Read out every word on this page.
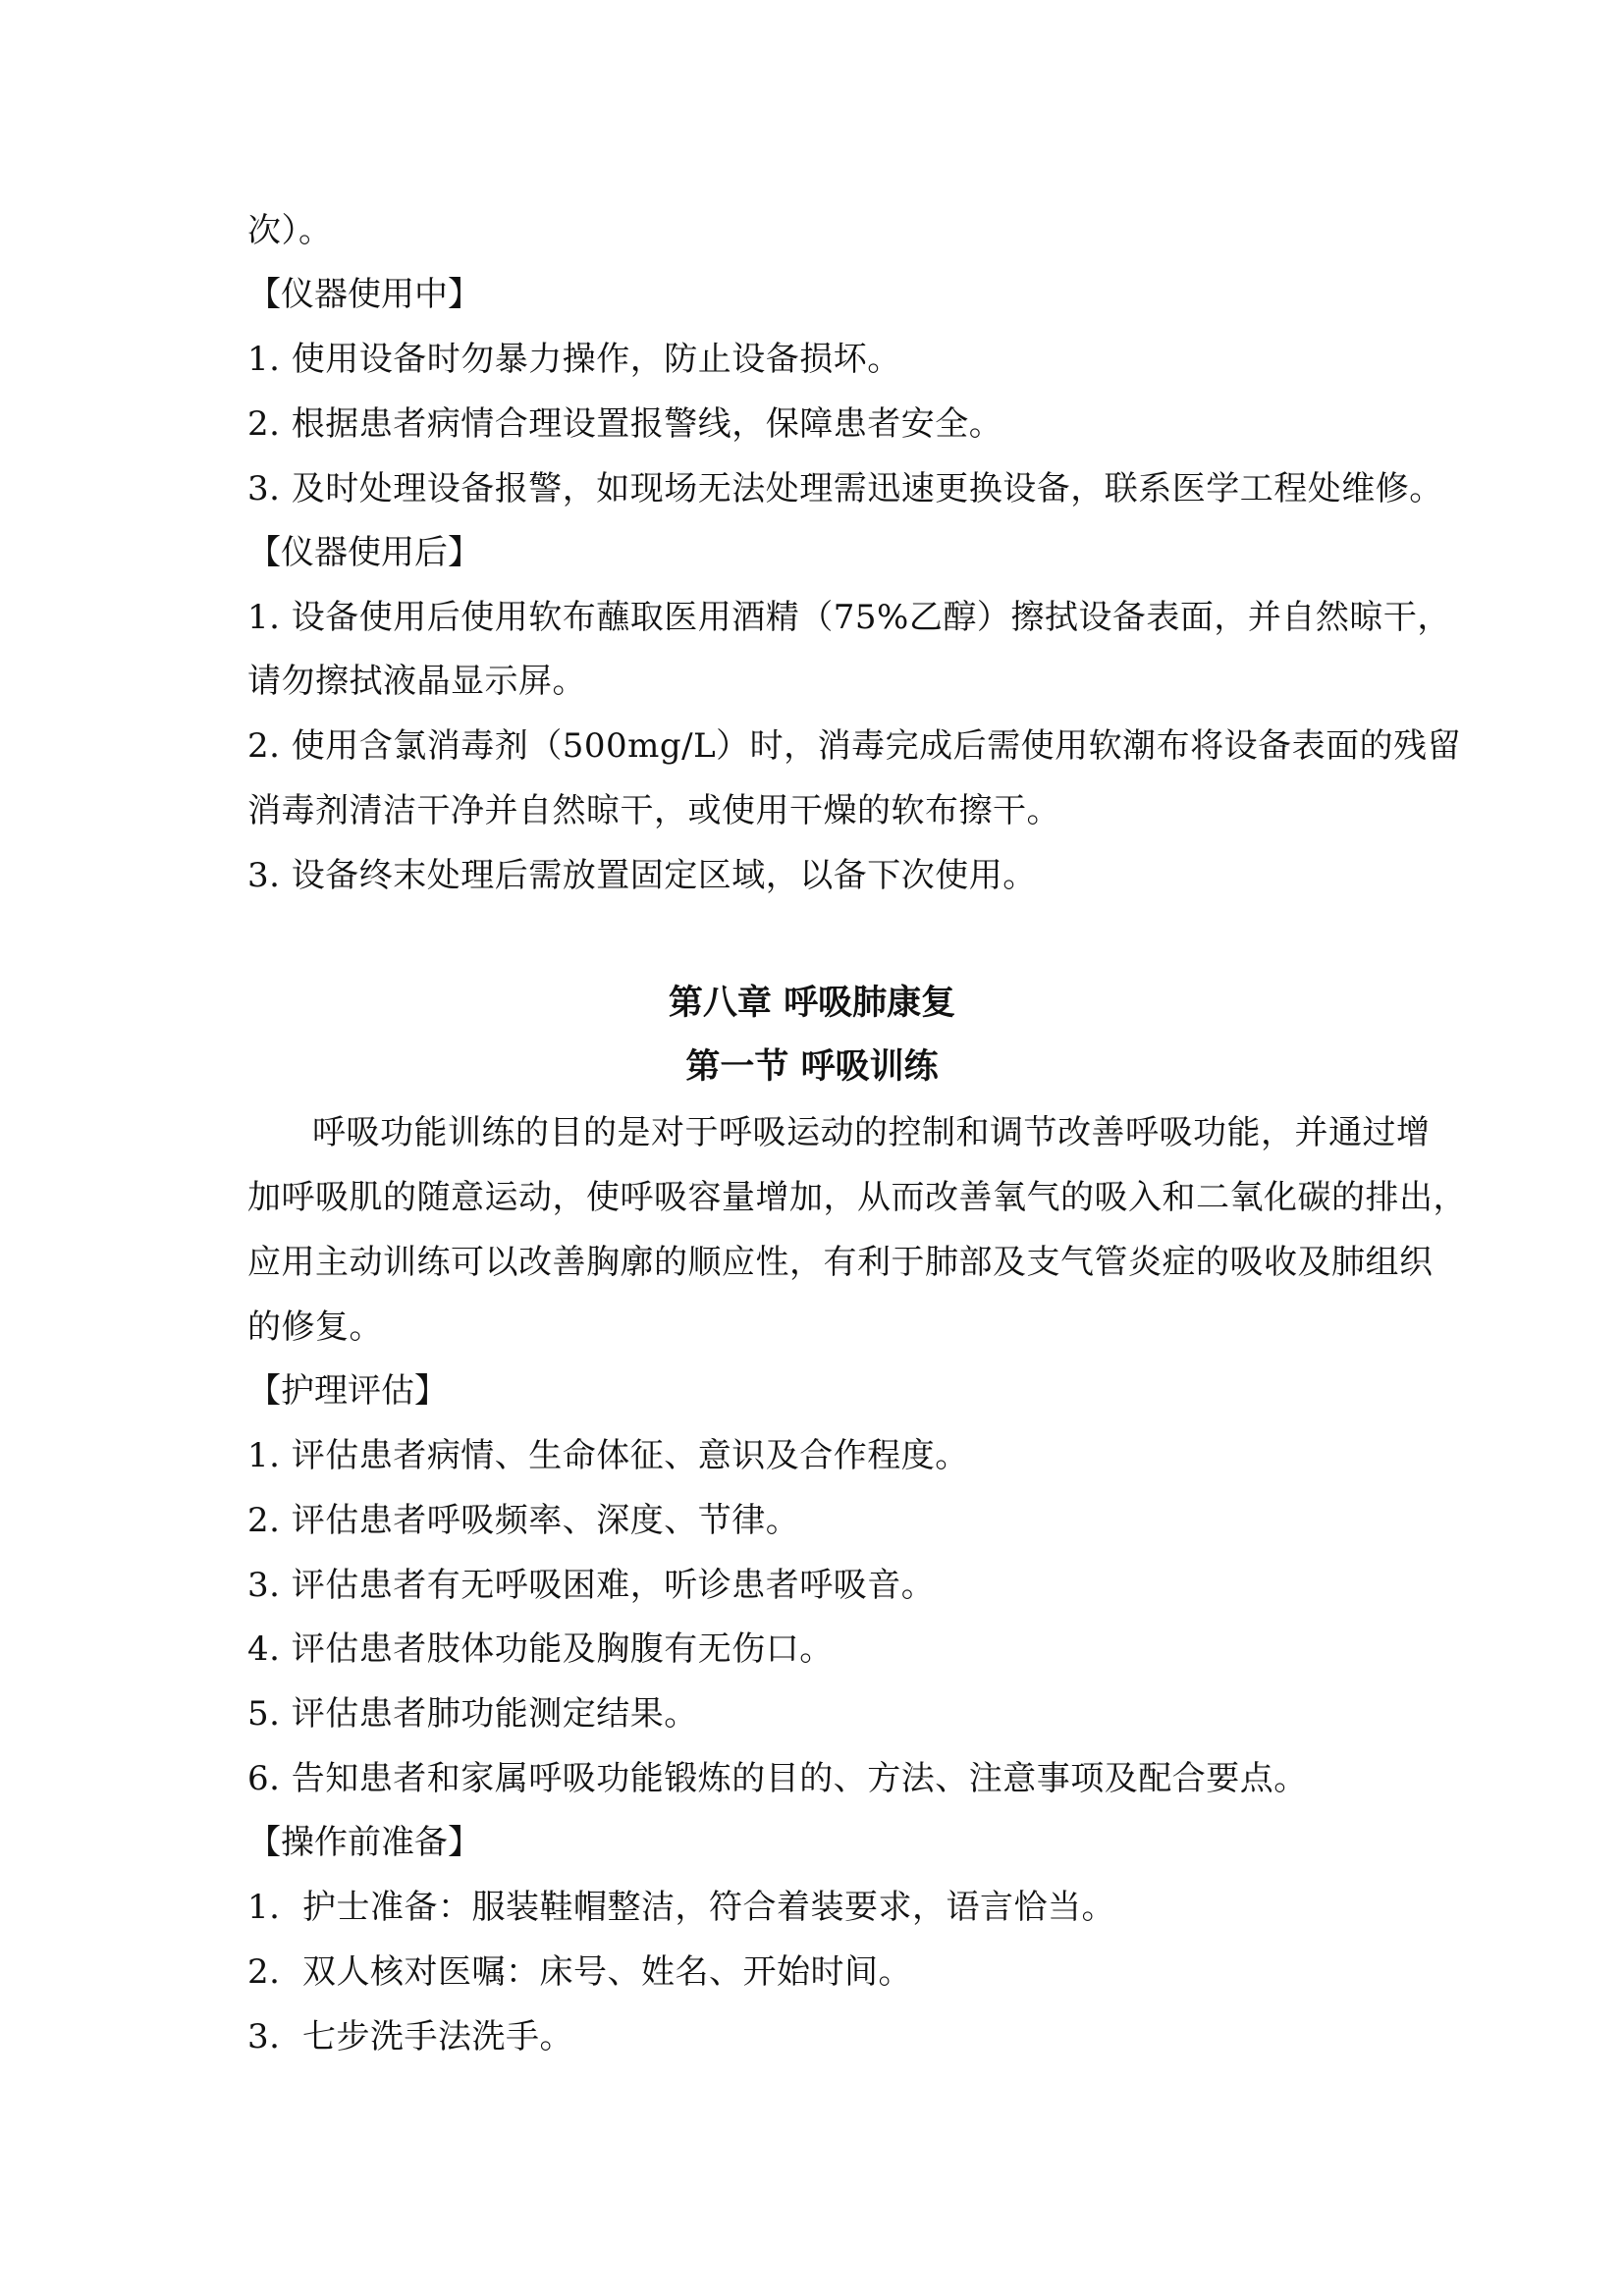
次）。
【仪器使用中】
1. 使用设备时勿暴力操作，防止设备损坏。
2. 根据患者病情合理设置报警线，保障患者安全。
3. 及时处理设备报警，如现场无法处理需迅速更换设备，联系医学工程处维修。
【仪器使用后】
1. 设备使用后使用软布蘸取医用酒精（75%乙醇）擦拭设备表面，并自然晾干，
请勿擦拭液晶显示屏。
2. 使用含氯消毒剂（500mg/L）时，消毒完成后需使用软潮布将设备表面的残留
消毒剂清洁干净并自然晾干，或使用干燥的软布擦干。
3. 设备终末处理后需放置固定区域，以备下次使用。
第八章 呼吸肺康复
第一节 呼吸训练
呼吸功能训练的目的是对于呼吸运动的控制和调节改善呼吸功能，并通过增
加呼吸肌的随意运动，使呼吸容量增加，从而改善氧气的吸入和二氧化碳的排出，
应用主动训练可以改善胸廓的顺应性，有利于肺部及支气管炎症的吸收及肺组织
的修复。
【护理评估】
1. 评估患者病情、生命体征、意识及合作程度。
2. 评估患者呼吸频率、深度、节律。
3. 评估患者有无呼吸困难，听诊患者呼吸音。
4. 评估患者肢体功能及胸腹有无伤口。
5. 评估患者肺功能测定结果。
6. 告知患者和家属呼吸功能锻炼的目的、方法、注意事项及配合要点。
【操作前准备】
1. 护士准备：服装鞋帽整洁，符合着装要求，语言恰当。
2. 双人核对医嘱：床号、姓名、开始时间。
3. 七步洗手法洗手。
